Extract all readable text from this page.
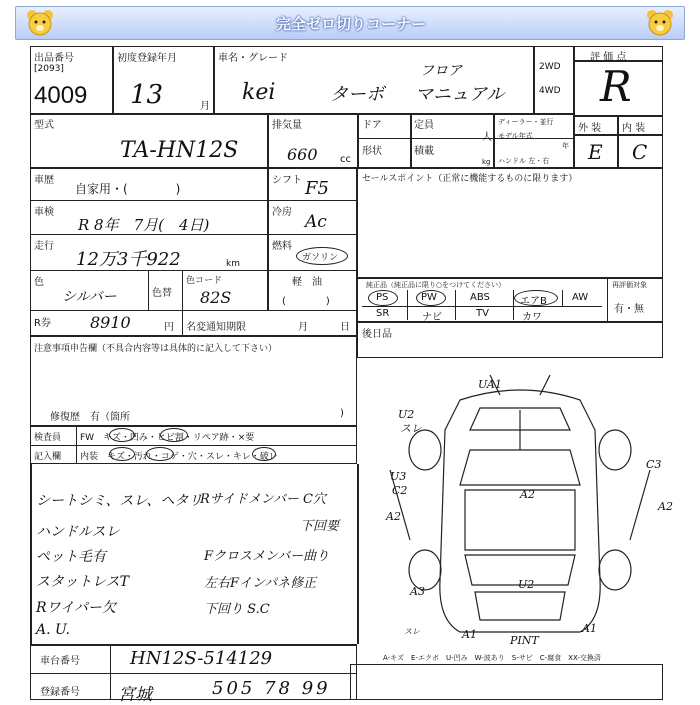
完全ゼロ切りコーナー
出品番号
[2093]
4009
初度登録年月
13	月
車名・グレード
kei	ターボ
フロア
マニュアル
2WD
4WD
評 価 点
R
型式
TA-HN12S
排気量
660 cc
ドア	定員
人
形状	積載
kg
ディーラー・並行
モデル年式
年
ハンドル 左・右
外 装 内 装
E C
車歴
自家用・(　　　　)
車検
R 8年　7月(　4日)
走行
12万3千922	km
色
シルバー	色替
色コード
82S
R券 8910	円 名変通知期限	月	日
シフト F5
冷房 Ac
燃料
ガソリン
軽　油
(　　　　)
セールスポイント（正常に機能するものに限ります）
純正品（純正品に限り○をつけてください）	再評価対象
有・無
PS	PW	ABS	エアB	AW
SR	ナビ	TV	カワ
後日品
注意事項申告欄（不具合内容等は具体的に記入して下さい）
修復歴　有（箇所	)
検査員 FW　キズ・凹み・ヒビ割・リペア跡・×要
記入欄 内装　キズ・汚れ・コゲ・穴・スレ・キレ・破レ
シートシミ、スレ、ヘタリ
ハンドルスレ
ペット毛有
スタットレスT
Rワイパー欠
A. U.
Rサイドメンバー C穴
下回要
Fクロスメンバー曲り
左右Fインパネ修正
下回り S.C
車台番号	HN12S-514129
登録番号 宮城	505 78 99
A-キズ　E-エクボ　U-凹み　W-波あり　S-サビ　C-腐食　XX-交換済
UA1
U2
スレ
U3
C2	A2
C3
A2
A2
A3
U2
A1	PINT
A1
スレ
